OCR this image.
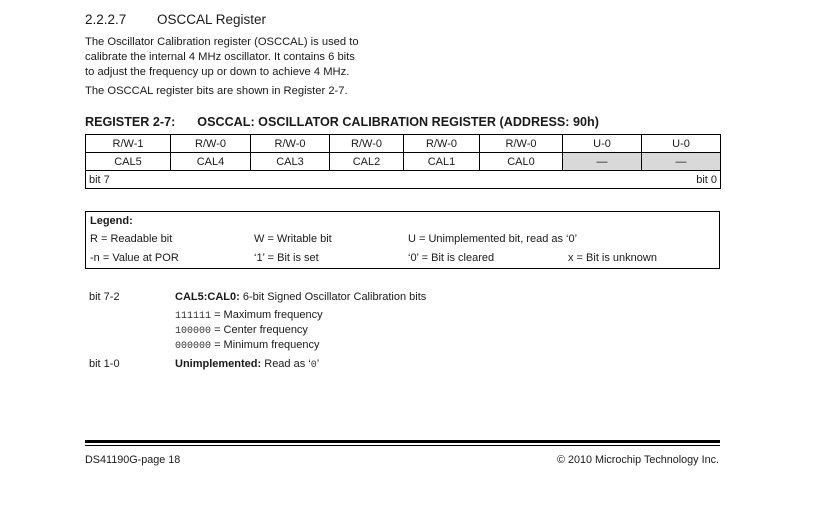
2.2.2.7 OSCCAL Register
The Oscillator Calibration register (OSCCAL) is used to
calibrate the internal 4 MHz oscillator. It contains 6 bits
to adjust the frequency up or down to achieve 4 MHz.
The OSCCAL register bits are shown in Register 2-7.
REGISTER 2-7: OSCCAL: OSCILLATOR CALIBRATION REGISTER (ADDRESS: 90h)
R/W-1	R/W-0	R/W-0	R/W-0	R/W-0	R/W-0	U-0	U-0
CAL5	CAL4	CAL3	CAL2	CAL1	CAL0	—	—
bit 7 bit 0							
Legend:
R = Readable bit	W = Writable bit	U = Unimplemented bit, read as ‘0’
-n = Value at POR	‘1’ = Bit is set	‘0’ = Bit is cleared	x = Bit is unknown
bit 7-2	CAL5:CAL0: 6-bit Signed Oscillator Calibration bits
111111 = Maximum frequency
100000 = Center frequency
000000 = Minimum frequency
bit 1-0	Unimplemented: Read as ‘0’
DS41190G-page 18	© 2010 Microchip Technology Inc.
